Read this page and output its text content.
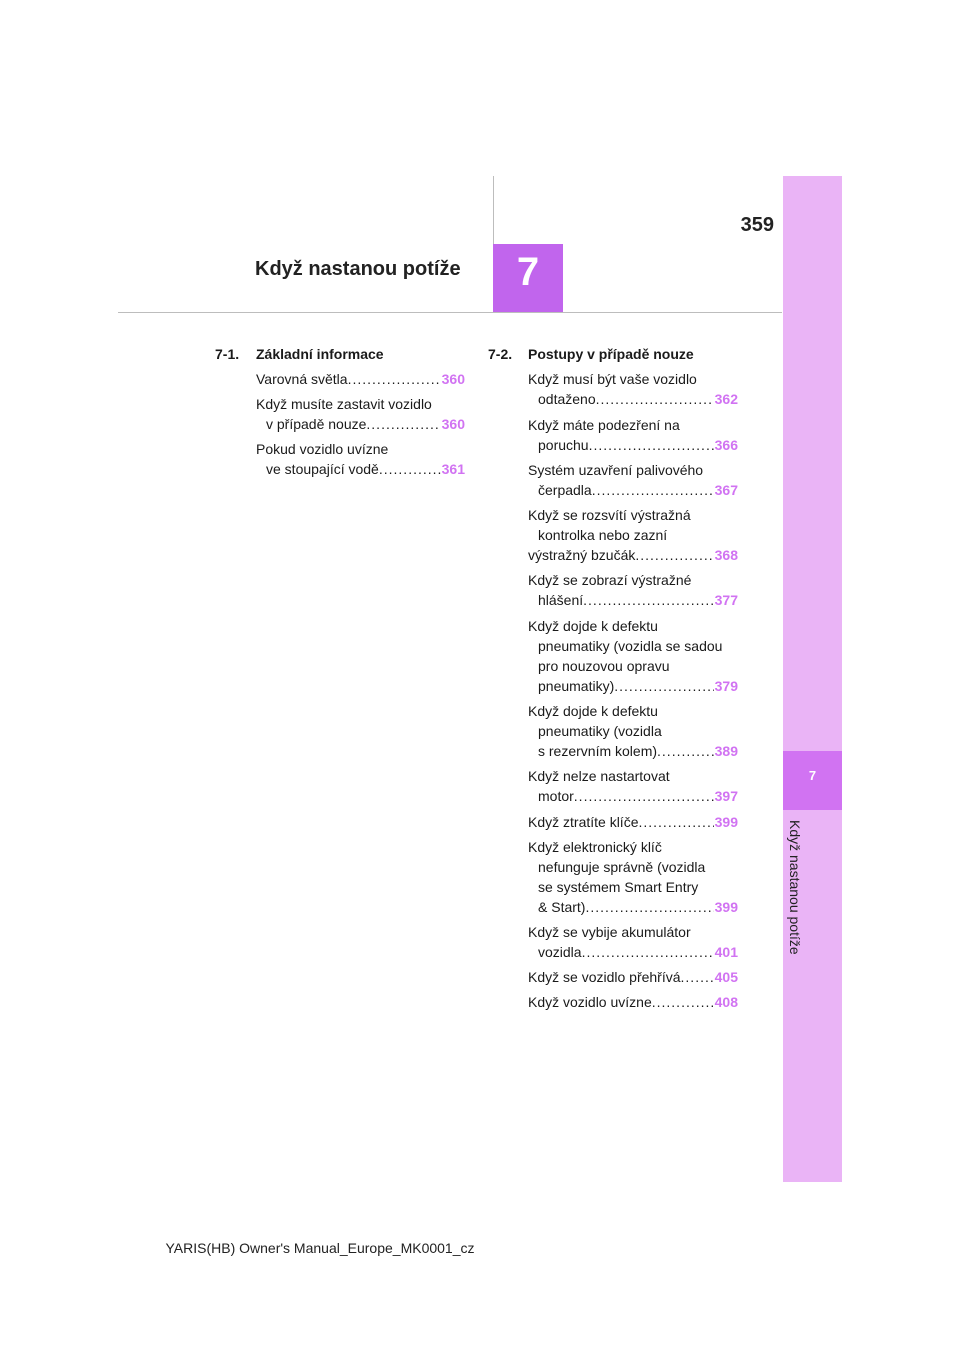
7
Když nastanou potíže
359
7
Když nastanou potíže
7-1. Základní informace
Varovná světla .....	360
Když musíte zastavit vozidlo
v případě nouze .....	360
Pokud vozidlo uvízne
ve stoupající vodě .....	361
7-2. Postupy v případě nouze
Když musí být vaše vozidlo
odtaženo .....	362
Když máte podezření na
poruchu .....	366
Systém uzavření palivového
čerpadla .....	367
Když se rozsvítí výstražná
kontrolka nebo zazní
výstražný bzučák .....	368
Když se zobrazí výstražné
hlášení .....	377
Když dojde k defektu
pneumatiky (vozidla se sadou
pro nouzovou opravu
pneumatiky) .....	379
Když dojde k defektu
pneumatiky (vozidla
s rezervním kolem) .....	389
Když nelze nastartovat
motor .....	397
Když ztratíte klíče .....	399
Když elektronický klíč
nefunguje správně (vozidla
se systémem Smart Entry
& Start) .....	399
Když se vybije akumulátor
vozidla .....	401
Když se vozidlo přehřívá ..... 405
Když vozidlo uvízne .....	408
YARIS(HB) Owner's Manual_Europe_MK0001_cz
